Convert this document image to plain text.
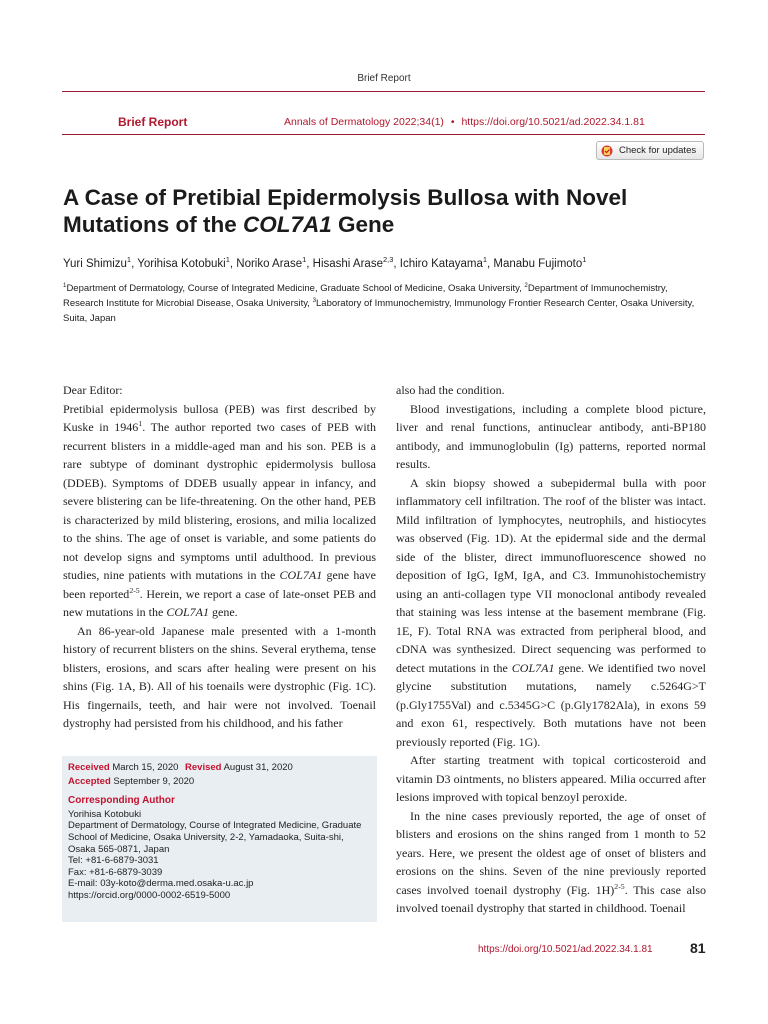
Brief Report
Brief Report	Annals of Dermatology 2022;34(1) • https://doi.org/10.5021/ad.2022.34.1.81
Check for updates
A Case of Pretibial Epidermolysis Bullosa with Novel Mutations of the COL7A1 Gene
Yuri Shimizu$^1$, Yorihisa Kotobuki$^1$, Noriko Arase$^1$, Hisashi Arase$^{2,3}$, Ichiro Katayama$^1$, Manabu Fujimoto$^1$
$^1$Department of Dermatology, Course of Integrated Medicine, Graduate School of Medicine, Osaka University, $^2$Department of Immunochemistry, Research Institute for Microbial Disease, Osaka University, $^3$Laboratory of Immunochemistry, Immunology Frontier Research Center, Osaka University, Suita, Japan

Dear Editor:

Pretibial epidermolysis bullosa (PEB) was first described by Kuske in 1946$^1$. The author reported two cases of PEB with recurrent blisters in a middle-aged man and his son. PEB is a rare subtype of dominant dystrophic epidermolysis bullosa (DDEB). Symptoms of DDEB usually appear in infancy, and severe blistering can be life-threatening. On the other hand, PEB is characterized by mild blistering, erosions, and milia localized to the shins. The age of onset is variable, and some patients do not develop signs and symptoms until adulthood. In previous studies, nine patients with mutations in the COL7A1 gene have been reported$^{2-5}$. Herein, we report a case of late-onset PEB and new mutations in the COL7A1 gene.

An 86-year-old Japanese male presented with a 1-month history of recurrent blisters on the shins. Several erythema, tense blisters, erosions, and scars after healing were present on his shins (Fig. 1A, B). All of his toenails were dystrophic (Fig. 1C). His fingernails, teeth, and hair were not involved. Toenail dystrophy had persisted from his childhood, and his father

Received March 15, 2020 Revised August 31, 2020
Accepted September 9, 2020
Corresponding Author
Yorihisa Kotobuki
Department of Dermatology, Course of Integrated Medicine, Graduate School of Medicine, Osaka University, 2-2, Yamadaoka, Suita-shi, Osaka 565-0871, Japan
Tel: +81-6-6879-3031
Fax: +81-6-6879-3039
E-mail: 03y-koto@derma.med.osaka-u.ac.jp
https://orcid.org/0000-0002-6519-5000

also had the condition.

Blood investigations, including a complete blood picture, liver and renal functions, antinuclear antibody, anti-BP180 antibody, and immunoglobulin (Ig) patterns, reported normal results.

A skin biopsy showed a subepidermal bulla with poor inflammatory cell infiltration. The roof of the blister was intact. Mild infiltration of lymphocytes, neutrophils, and histiocytes was observed (Fig. 1D). At the epidermal side and the dermal side of the blister, direct immunofluorescence showed no deposition of IgG, IgM, IgA, and C3. Immunohistochemistry using an anti-collagen type VII monoclonal antibody revealed that staining was less intense at the basement membrane (Fig. 1E, F). Total RNA was extracted from peripheral blood, and cDNA was synthesized. Direct sequencing was performed to detect mutations in the COL7A1 gene. We identified two novel glycine substitution mutations, namely c.5264G>T (p.Gly1755Val) and c.5345G>C (p.Gly1782Ala), in exons 59 and exon 61, respectively. Both mutations have not been previously reported (Fig. 1G).

After starting treatment with topical corticosteroid and vitamin D3 ointments, no blisters appeared. Milia occurred after lesions improved with topical benzoyl peroxide.

In the nine cases previously reported, the age of onset of blisters and erosions on the shins ranged from 1 month to 52 years. Here, we present the oldest age of onset of blisters and erosions on the shins. Seven of the nine previously reported cases involved toenail dystrophy (Fig. 1H)$^{2-5}$. This case also involved toenail dystrophy that started in childhood. Toenail

https://doi.org/10.5021/ad.2022.34.1.81	81
